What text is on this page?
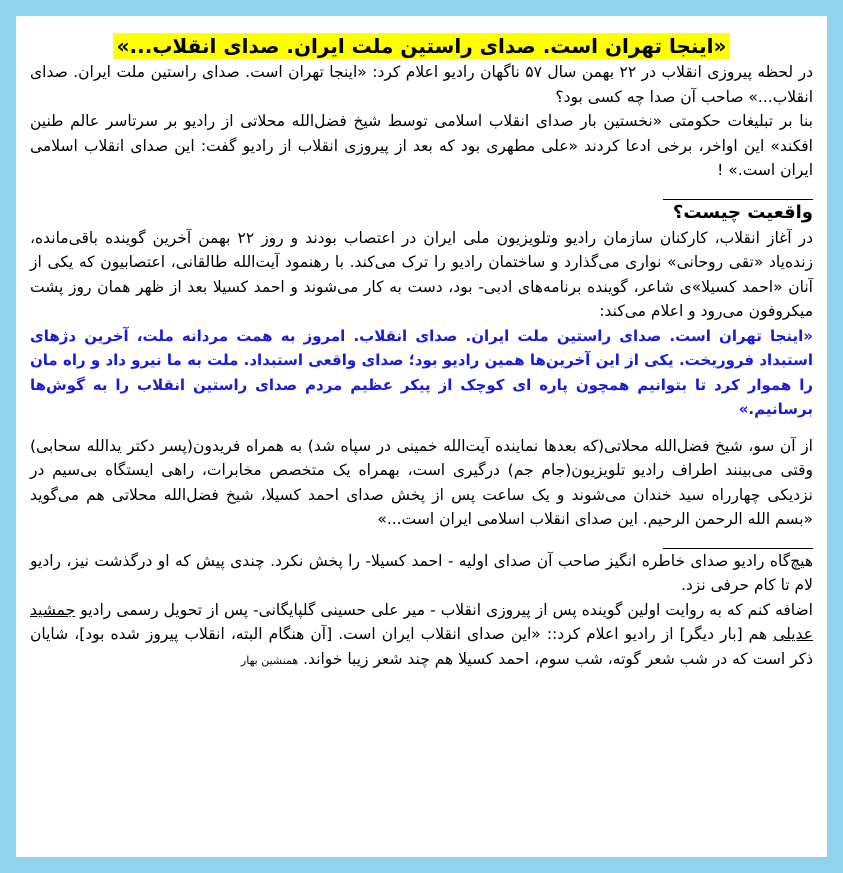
«اینجا تهران است. صدای راستین ملت ایران. صدای انقلاب...»

در لحظه پیروزی انقلاب در ۲۲ بهمن سال ۵۷ ناگهان رادیو اعلام کرد: «اینجا تهران است. صدای راستین ملت ایران. صدای انقلاب...» صاحب آن صدا چه کسی بود؟

بنا بر تبلیغات حکومتی «نخستین بار صدای انقلاب اسلامی توسط شیخ فضل‌الله محلاتی از رادیو بر سرتاسر عالم طنین افکند» این اواخر، برخی ادعا کردند «علی مطهری بود که بعد از پیروزی انقلاب از رادیو گفت: این صدای انقلاب اسلامی ایران است.» !

واقعیت چیست؟

در آغاز انقلاب، کارکنان سازمان رادیو وتلویزیون ملی ایران در اعتصاب بودند و روز ۲۲ بهمن آخرین گوینده باقی‌مانده، زنده‌یاد «تقی روحانی» نواری می‌گذارد و ساختمان رادیو را ترک می‌کند. با رهنمود آیت‌الله طالقانی، اعتصابیون که یکی از آنان «احمد کسیلا»ی شاعر، گوینده برنامه‌های ادبی- بود، دست به کار می‌شوند و احمد کسیلا بعد از ظهر همان روز پشت میکروفون می‌رود و اعلام می‌کند:

«اینجا تهران است. صدای راستین ملت ایران. صدای انقلاب. امروز به همت مردانه ملت، آخرین دژهای استبداد فروریخت. یکی از این آخرین‌ها همین رادیو بود؛ صدای واقعی استبداد. ملت به ما نیرو داد و راه مان را هموار کرد تا بتوانیم همچون پاره ای کوچک از پیکر عظیم مردم صدای راستین انقلاب را به گوش‌ها برسانیم.»

از آن سو، شیخ فضل‌الله محلاتی(که بعدها نماینده آیت‌الله خمینی در سپاه شد) به همراه فریدون(پسر دکتر یدالله سحابی) وقتی می‌بینند اطراف رادیو تلویزیون(جام جم) درگیری است، بهمراه یک متخصص مخابرات، راهی ایستگاه بی‌سیم در نزدیکی چهارراه سید خندان می‌شوند و یک ساعت پس از پخش صدای احمد کسیلا، شیخ فضل‌الله محلاتی هم می‌گوید «بسم الله الرحمن الرحیم. این صدای انقلاب اسلامی ایران است...»

هیچ‌گاه رادیو صدای خاطره انگیز صاحب آن صدای اولیه - احمد کسیلا- را پخش نکرد. چندی پیش که او درگذشت نیز، رادیو لام تا کام حرفی نزد.

اضافه کنم که به روایت اولین گوینده پس از پیروزی انقلاب - میر علی حسینی گلپایگانی- پس از تحویل رسمی رادیو جمشید عدیلی هم [بار دیگر] از رادیو اعلام کرد:: «این صدای انقلاب ایران است. [آن هنگام البته، انقلاب پیروز شده بود]، شایان ذکر است که در شب شعر گوته، شب سوم، احمد کسیلا هم چند شعر زیبا خواند. همنشین بهار
